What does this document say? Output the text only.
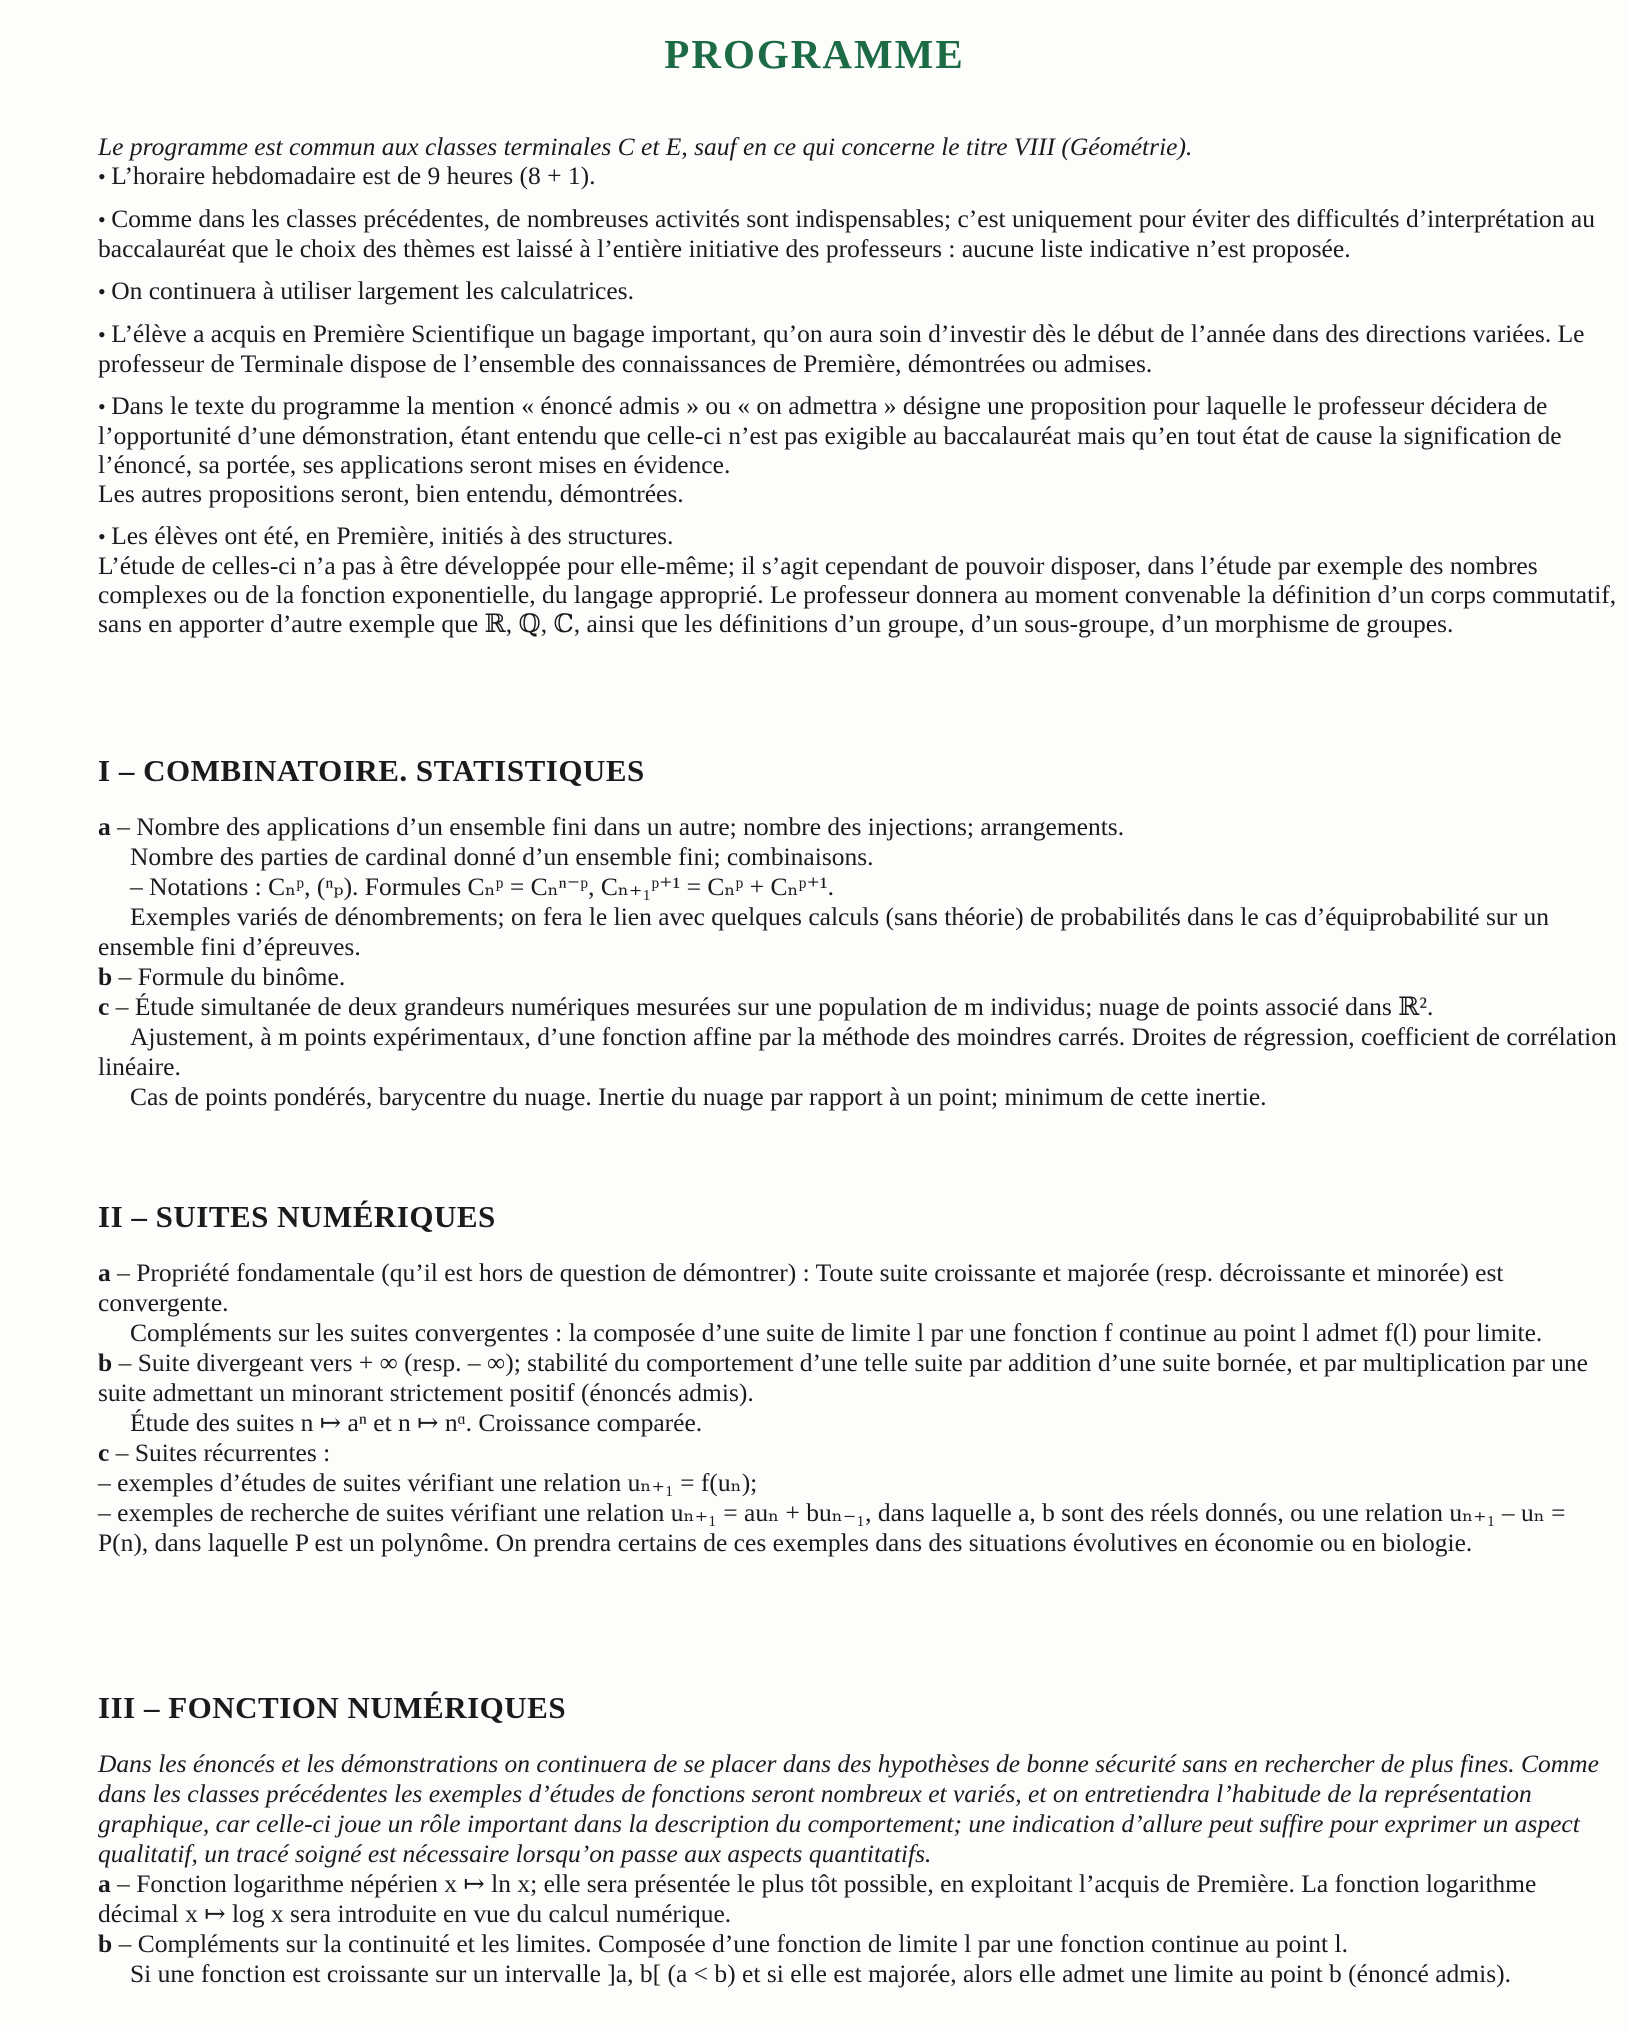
PROGRAMME

Le programme est commun aux classes terminales C et E, sauf en ce qui concerne le titre VIII (Géométrie).

• L’horaire hebdomadaire est de 9 heures (8 + 1).

• Comme dans les classes précédentes, de nombreuses activités sont indispensables; c’est uniquement pour éviter des difficultés d’interprétation au baccalauréat que le choix des thèmes est laissé à l’entière initiative des professeurs : aucune liste indicative n’est proposée.

• On continuera à utiliser largement les calculatrices.

• L’élève a acquis en Première Scientifique un bagage important, qu’on aura soin d’investir dès le début de l’année dans des directions variées. Le professeur de Terminale dispose de l’ensemble des connaissances de Première, démontrées ou admises.

• Dans le texte du programme la mention « énoncé admis » ou « on admettra » désigne une proposition pour laquelle le professeur décidera de l’opportunité d’une démonstration, étant entendu que celle-ci n’est pas exigible au baccalauréat mais qu’en tout état de cause la signification de l’énoncé, sa portée, ses applications seront mises en évidence.

Les autres propositions seront, bien entendu, démontrées.

• Les élèves ont été, en Première, initiés à des structures.

L’étude de celles-ci n’a pas à être développée pour elle-même; il s’agit cependant de pouvoir disposer, dans l’étude par exemple des nombres complexes ou de la fonction exponentielle, du langage approprié. Le professeur donnera au moment convenable la définition d’un corps commutatif, sans en apporter d’autre exemple que ℝ, ℚ, ℂ, ainsi que les définitions d’un groupe, d’un sous-groupe, d’un morphisme de groupes.

I – COMBINATOIRE. STATISTIQUES

a – Nombre des applications d’un ensemble fini dans un autre; nombre des injections; arrangements.

Nombre des parties de cardinal donné d’un ensemble fini; combinaisons.

– Notations : Cₙᵖ, (ⁿₚ). Formules Cₙᵖ = Cₙⁿ⁻ᵖ, Cₙ₊₁ᵖ⁺¹ = Cₙᵖ + Cₙᵖ⁺¹.

Exemples variés de dénombrements; on fera le lien avec quelques calculs (sans théorie) de probabilités dans le cas d’équiprobabilité sur un ensemble fini d’épreuves.

b – Formule du binôme.

c – Étude simultanée de deux grandeurs numériques mesurées sur une population de m individus; nuage de points associé dans ℝ².

Ajustement, à m points expérimentaux, d’une fonction affine par la méthode des moindres carrés. Droites de régression, coefficient de corrélation linéaire.

Cas de points pondérés, barycentre du nuage. Inertie du nuage par rapport à un point; minimum de cette inertie.

II – SUITES NUMÉRIQUES

a – Propriété fondamentale (qu’il est hors de question de démontrer) : Toute suite croissante et majorée (resp. décroissante et minorée) est convergente.

Compléments sur les suites convergentes : la composée d’une suite de limite l par une fonction f continue au point l admet f(l) pour limite.

b – Suite divergeant vers + ∞ (resp. – ∞); stabilité du comportement d’une telle suite par addition d’une suite bornée, et par multiplication par une suite admettant un minorant strictement positif (énoncés admis).

Étude des suites n ↦ aⁿ et n ↦ nᵅ. Croissance comparée.

c – Suites récurrentes :

– exemples d’études de suites vérifiant une relation uₙ₊₁ = f(uₙ);

– exemples de recherche de suites vérifiant une relation uₙ₊₁ = auₙ + buₙ₋₁, dans laquelle a, b sont des réels donnés, ou une relation uₙ₊₁ – uₙ = P(n), dans laquelle P est un polynôme. On prendra certains de ces exemples dans des situations évolutives en économie ou en biologie.

III – FONCTION NUMÉRIQUES

Dans les énoncés et les démonstrations on continuera de se placer dans des hypothèses de bonne sécurité sans en rechercher de plus fines. Comme dans les classes précédentes les exemples d’études de fonctions seront nombreux et variés, et on entretiendra l’habitude de la représentation graphique, car celle-ci joue un rôle important dans la description du comportement; une indication d’allure peut suffire pour exprimer un aspect qualitatif, un tracé soigné est nécessaire lorsqu’on passe aux aspects quantitatifs.

a – Fonction logarithme népérien x ↦ ln x; elle sera présentée le plus tôt possible, en exploitant l’acquis de Première. La fonction logarithme décimal x ↦ log x sera introduite en vue du calcul numérique.

b – Compléments sur la continuité et les limites. Composée d’une fonction de limite l par une fonction continue au point l.

Si une fonction est croissante sur un intervalle ]a, b[ (a < b) et si elle est majorée, alors elle admet une limite au point b (énoncé admis).
